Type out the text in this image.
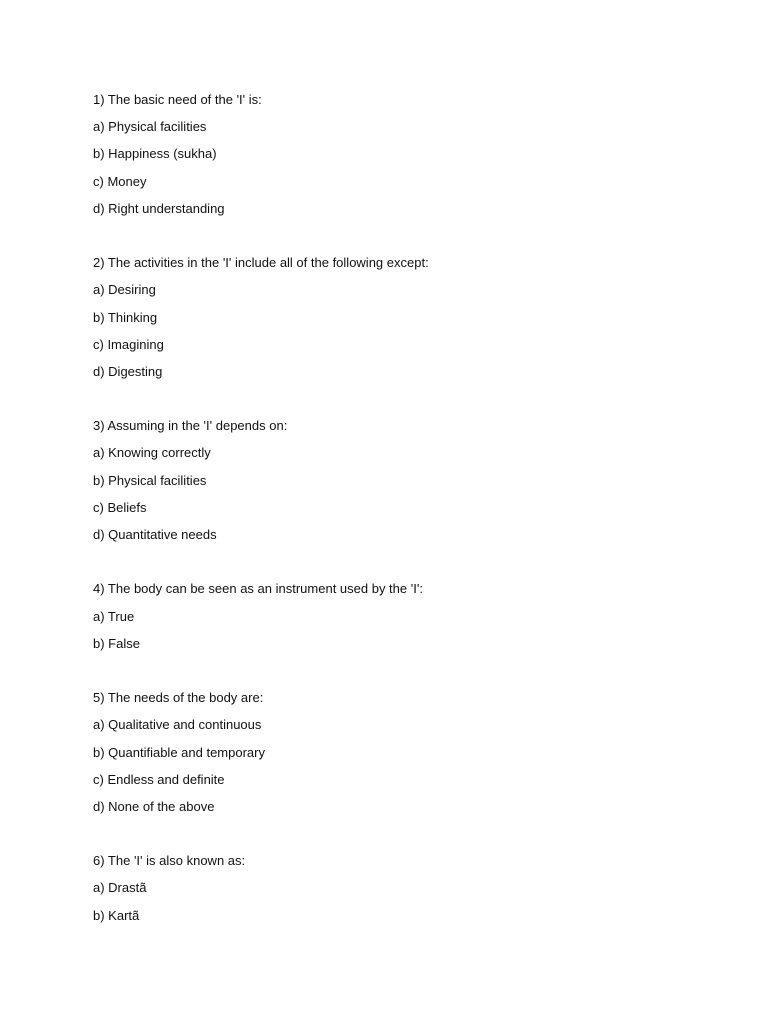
1) The basic need of the 'I' is:
a) Physical facilities
b) Happiness (sukha)
c) Money
d) Right understanding
2) The activities in the 'I' include all of the following except:
a) Desiring
b) Thinking
c) Imagining
d) Digesting
3) Assuming in the 'I' depends on:
a) Knowing correctly
b) Physical facilities
c) Beliefs
d) Quantitative needs
4) The body can be seen as an instrument used by the 'I':
a) True
b) False
5) The needs of the body are:
a) Qualitative and continuous
b) Quantifiable and temporary
c) Endless and definite
d) None of the above
6) The 'I' is also known as:
a) Drastã
b) Kartã
